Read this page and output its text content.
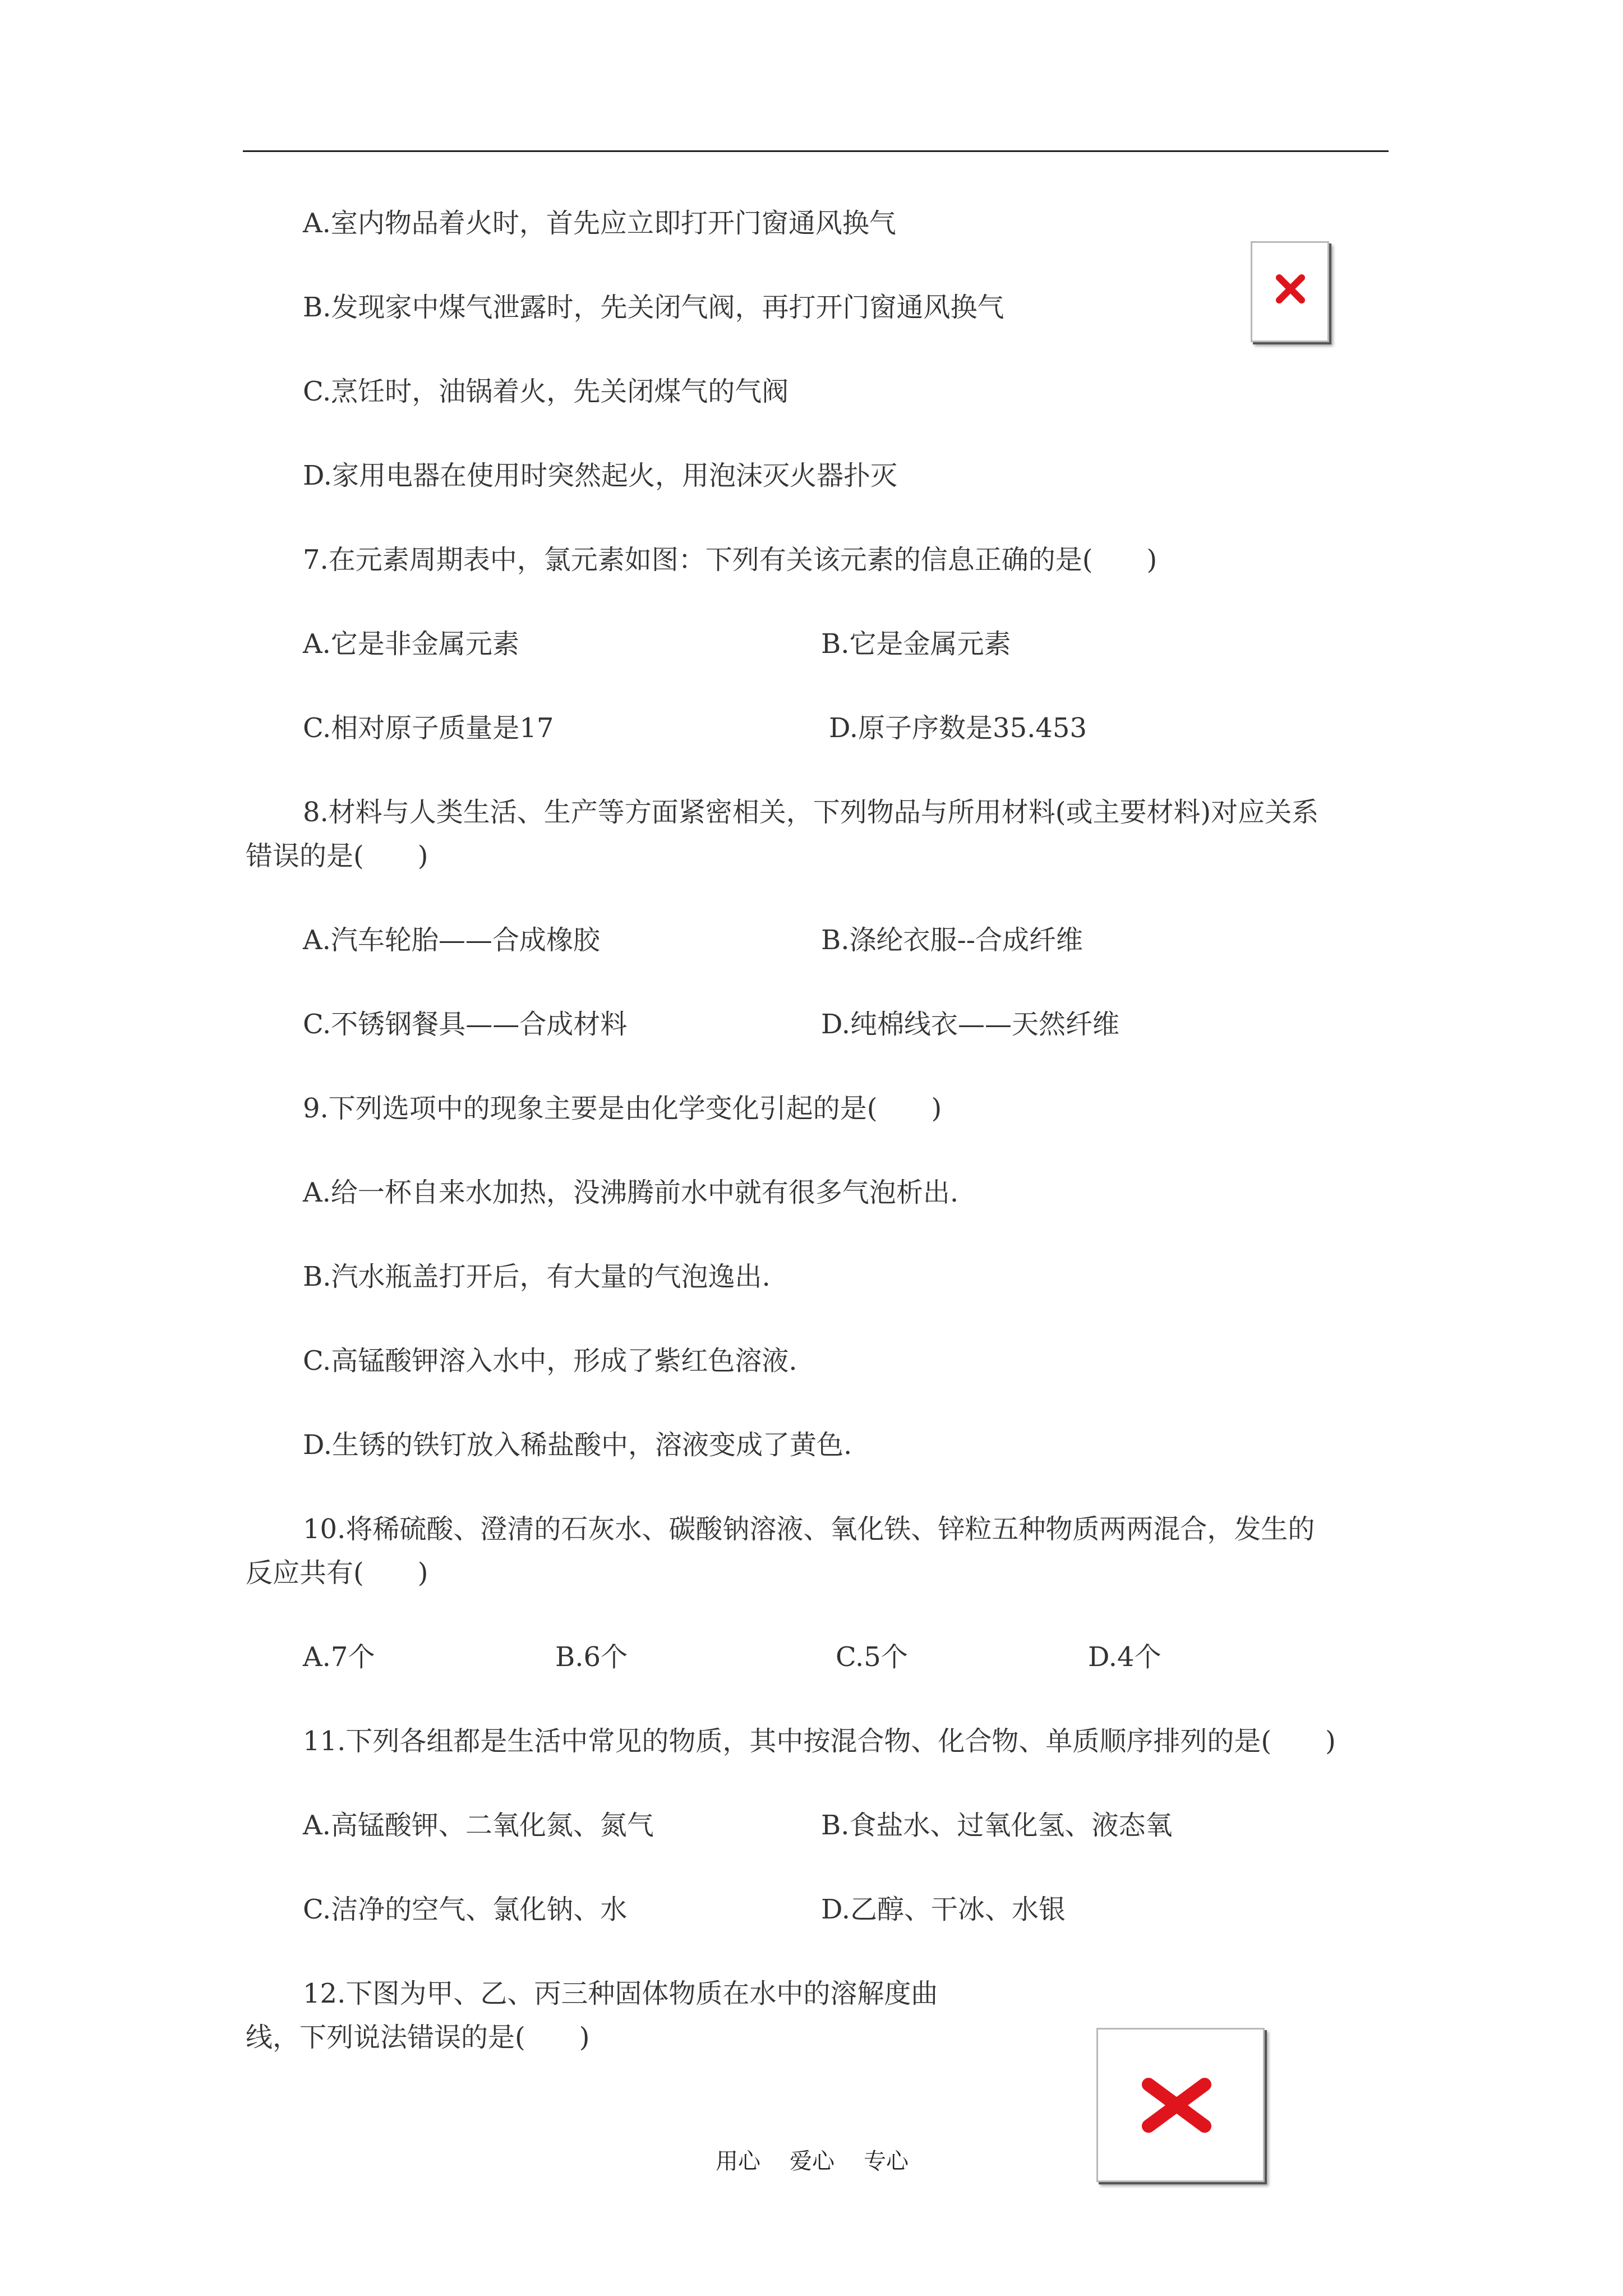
A.室内物品着火时，首先应立即打开门窗通风换气
B.发现家中煤气泄露时，先关闭气阀，再打开门窗通风换气
C.烹饪时，油锅着火，先关闭煤气的气阀
D.家用电器在使用时突然起火，用泡沫灭火器扑灭
7.在元素周期表中，氯元素如图：下列有关该元素的信息正确的是(　　)
A.它是非金属元素	B.它是金属元素
C.相对原子质量是17	D.原子序数是35.453
8.材料与人类生活、生产等方面紧密相关，下列物品与所用材料(或主要材料)对应关系
错误的是(　　)
A.汽车轮胎——合成橡胶	B.涤纶衣服--合成纤维
C.不锈钢餐具——合成材料	D.纯棉线衣——天然纤维
9.下列选项中的现象主要是由化学变化引起的是(　　)
A.给一杯自来水加热，没沸腾前水中就有很多气泡析出.
B.汽水瓶盖打开后，有大量的气泡逸出.
C.高锰酸钾溶入水中，形成了紫红色溶液.
D.生锈的铁钉放入稀盐酸中，溶液变成了黄色.
10.将稀硫酸、澄清的石灰水、碳酸钠溶液、氧化铁、锌粒五种物质两两混合，发生的
反应共有(　　)
A.7个	B.6个	C.5个	D.4个
11.下列各组都是生活中常见的物质，其中按混合物、化合物、单质顺序排列的是(　　)
A.高锰酸钾、二氧化氮、氮气	B.食盐水、过氧化氢、液态氧
C.洁净的空气、氯化钠、水	D.乙醇、干冰、水银
12.下图为甲、乙、丙三种固体物质在水中的溶解度曲
线，下列说法错误的是(　　)
用心 爱心 专心
